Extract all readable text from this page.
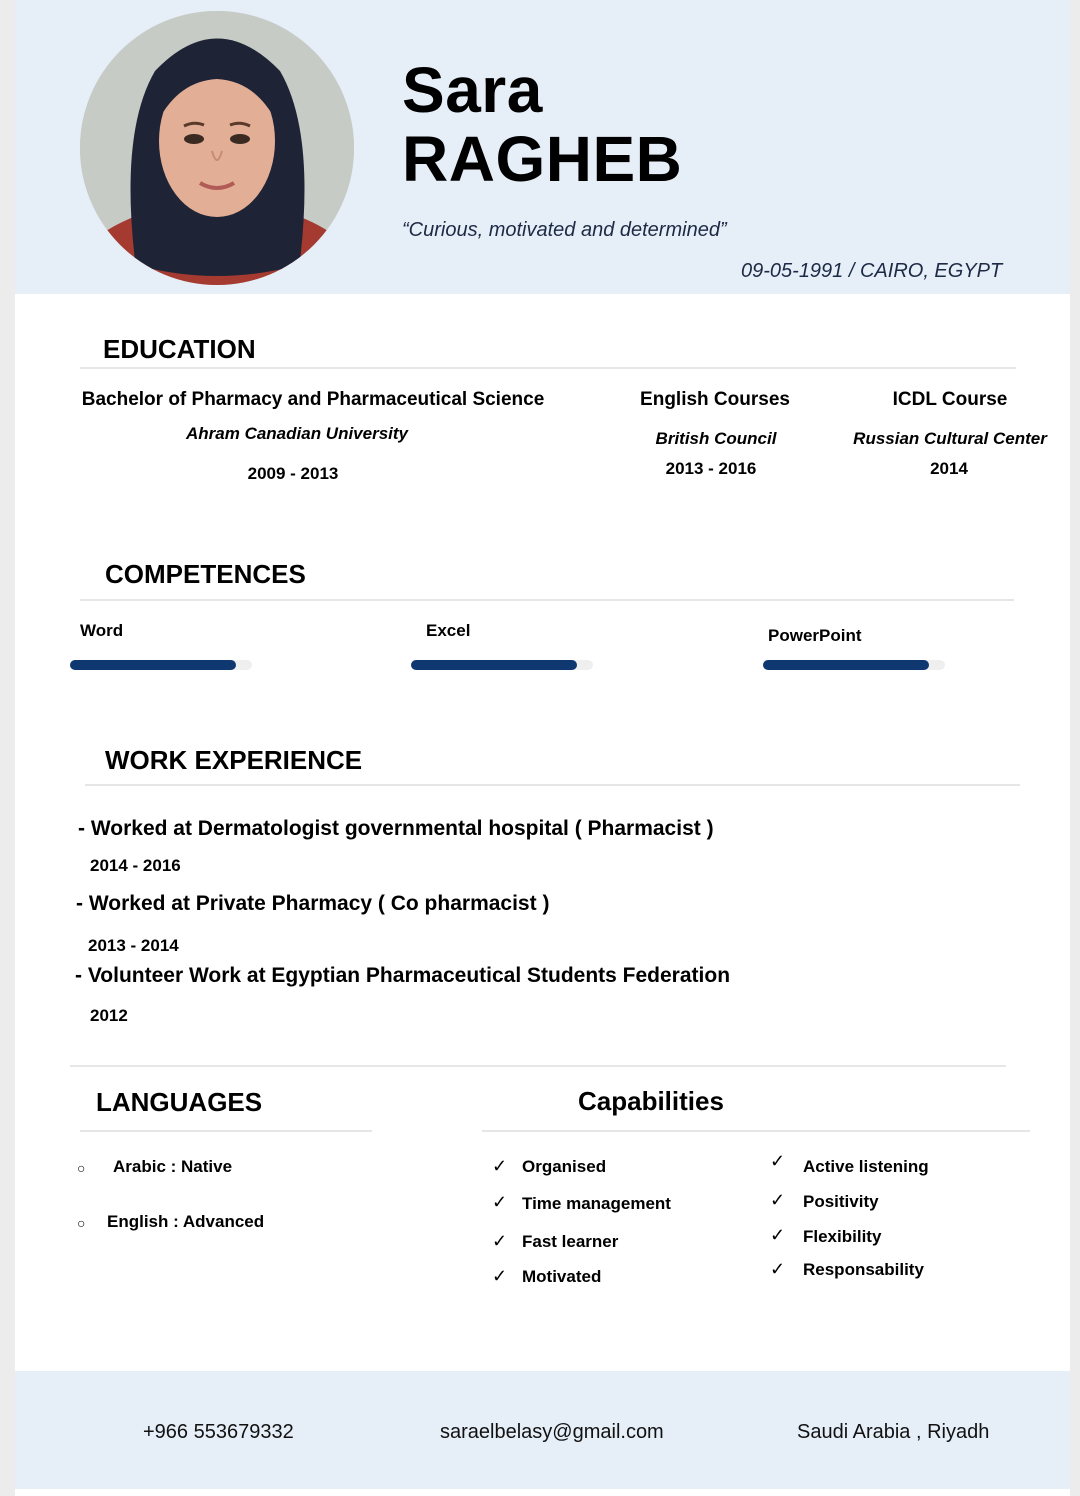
Sara
RAGHEB
“Curious, motivated and determined”
09-05-1991 / CAIRO, EGYPT
EDUCATION
Bachelor of Pharmacy and Pharmaceutical Science
Ahram Canadian University
2009 - 2013
English Courses
British Council
2013 - 2016
ICDL Course
Russian Cultural Center
2014
COMPETENCES
Word	Excel	PowerPoint
WORK EXPERIENCE
- Worked at Dermatologist governmental hospital ( Pharmacist )
2014 - 2016
- Worked at Private Pharmacy ( Co pharmacist )
2013 - 2014
- Volunteer Work at Egyptian Pharmaceutical Students Federation
2012
LANGUAGES
○ Arabic : Native
○ English : Advanced
Capabilities
✓ Organised
✓ Time management
✓ Fast learner
✓ Motivated
✓ Active listening
✓ Positivity
✓ Flexibility
✓ Responsability
+966 553679332	saraelbelasy@gmail.com	Saudi Arabia , Riyadh
